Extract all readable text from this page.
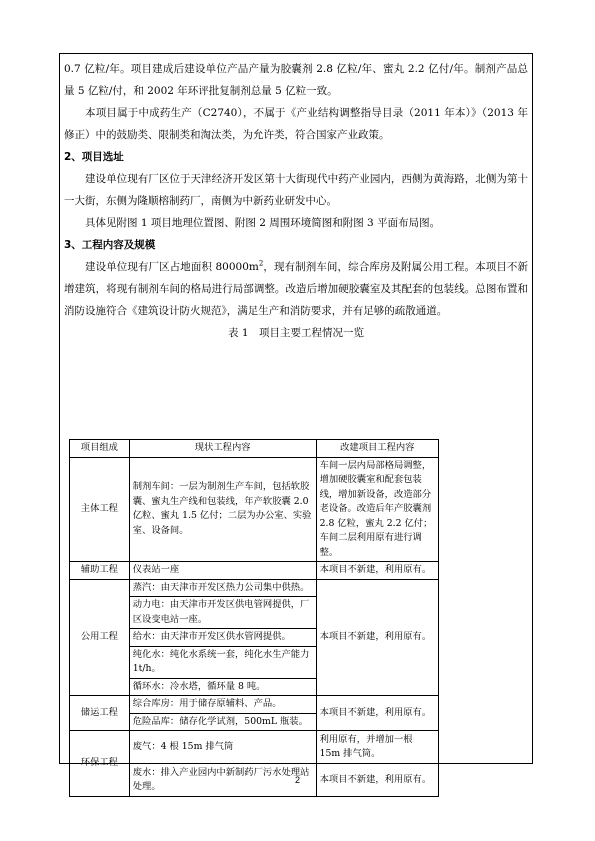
0.7 亿粒/年。项目建成后建设单位产品产量为胶囊剂 2.8 亿粒/年、蜜丸 2.2 亿付/年。制剂产品总量 5 亿粒/付，和 2002 年环评批复制剂总量 5 亿粒一致。

本项目属于中成药生产（C2740），不属于《产业结构调整指导目录（2011 年本）》（2013 年修正）中的鼓励类、限制类和淘汰类，为允许类，符合国家产业政策。

2、项目选址

建设单位现有厂区位于天津经济开发区第十大街现代中药产业园内，西侧为黄海路，北侧为第十一大街，东侧为隆顺榕制药厂，南侧为中新药业研发中心。

具体见附图 1 项目地理位置图、附图 2 周围环境简图和附图 3 平面布局图。

3、工程内容及规模

建设单位现有厂区占地面积 $80000m^2$，现有制剂车间，综合库房及附属公用工程。本项目不新增建筑，将现有制剂车间的格局进行局部调整。改造后增加硬胶囊室及其配套的包装线。总图布置和消防设施符合《建筑设计防火规范》，满足生产和消防要求，并有足够的疏散通道。

表 1　项目主要工程情况一览

项目组成	现状工程内容	改建项目工程内容
主体工程	制剂车间：一层为制剂生产车间，包括软胶囊、蜜丸生产线和包装线，年产软胶囊 2.0 亿粒、蜜丸 1.5 亿付；二层为办公室、实验室、设备间。	车间一层内局部格局调整，增加硬胶囊室和配套包装线，增加新设备，改造部分老设备。改造后年产胶囊剂 2.8 亿粒，蜜丸 2.2 亿付；车间二层利用原有进行调整。
辅助工程	仪表站一座	本项目不新建，利用原有。
公用工程	蒸汽：由天津市开发区热力公司集中供热。	本项目不新建，利用原有。
	动力电：由天津市开发区供电管网提供，厂区设变电站一座。	
	给水：由天津市开发区供水管网提供。	
	纯化水：纯化水系统一套，纯化水生产能力 1t/h。	
	循环水：冷水塔，循环量 8 吨。	
储运工程	综合库房：用于储存原辅料、产品。	本项目不新建，利用原有。
	危险品库：储存化学试剂，500mL 瓶装。	
环保工程	废气：4 根 15m 排气筒	利用原有，并增加一根 15m 排气筒。
	废水：排入产业园内中新制药厂污水处理站处理。	本项目不新建，利用原有。
2
